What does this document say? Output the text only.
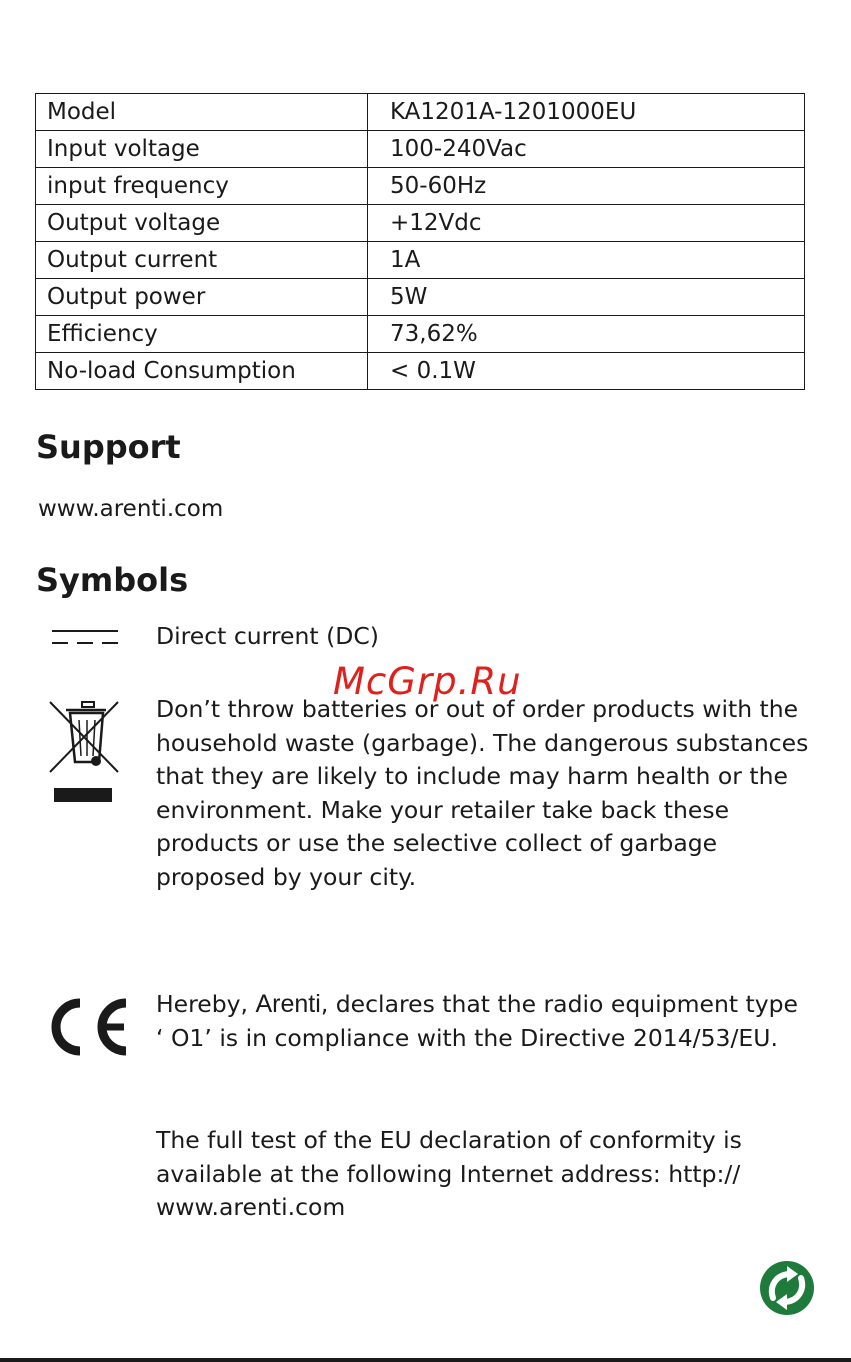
Model	KA1201A-1201000EU
Input voltage	100-240Vac
input frequency	50-60Hz
Output voltage	+12Vdc
Output current	1A
Output power	5W
Efficiency	73,62%
No-load Consumption	< 0.1W
Support
www.arenti.com
Symbols
Direct current (DC)
Don’t throw batteries or out of order products with the household waste (garbage). The dangerous substances that they are likely to include may harm health or the environment. Make your retailer take back these products or use the selective collect of garbage proposed by your city.
Hereby, Arenti, declares that the radio equipment type ‘ O1’ is in compliance with the Directive 2014/53/EU.
The full test of the EU declaration of conformity is available at the following Internet address: http:// www.arenti.com
McGrp.Ru
